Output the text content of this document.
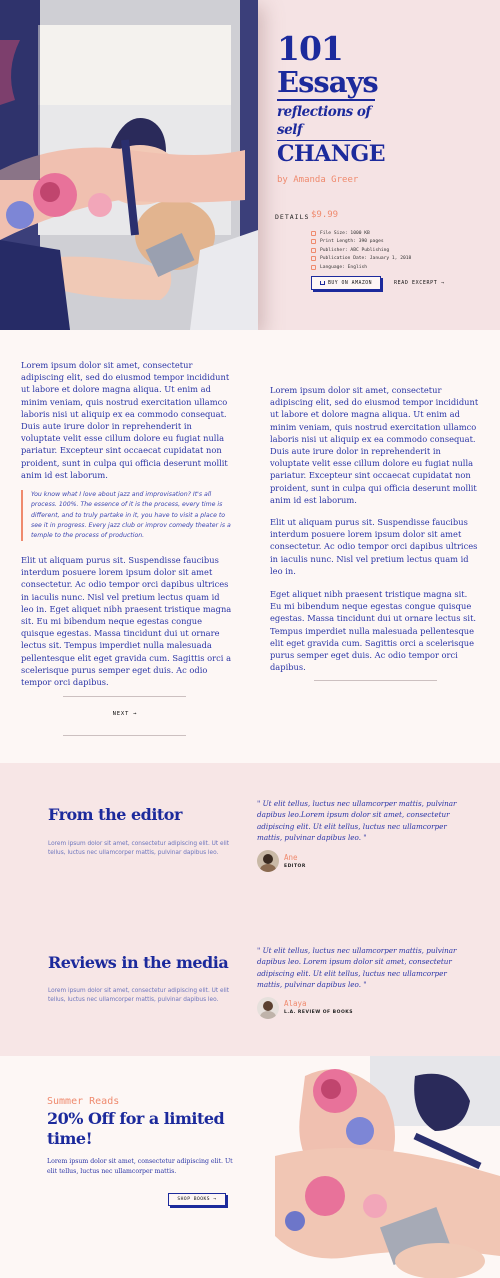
101
Essays
reflections of self
CHANGE
by Amanda Greer
DETAILS $9.99
File Size: 1000 KB
Print Length: 390 pages
Publisher: ABC Publishing
Publication Date: January 1, 2018
Language: English
BUY ON AMAZON	READ EXCERPT →

Lorem ipsum dolor sit amet, consectetur adipiscing elit, sed do eiusmod tempor incididunt ut labore et dolore magna aliqua. Ut enim ad minim veniam, quis nostrud exercitation ullamco laboris nisi ut aliquip ex ea commodo consequat. Duis aute irure dolor in reprehenderit in voluptate velit esse cillum dolore eu fugiat nulla pariatur. Excepteur sint occaecat cupidatat non proident, sunt in culpa qui officia deserunt mollit anim id est laborum.

You know what I love about jazz and improvisation? It's all process. 100%. The essence of it is the process, every time is different, and to truly partake in it, you have to visit a place to see it in progress. Every jazz club or improv comedy theater is a temple to the process of production.

Elit ut aliquam purus sit. Suspendisse faucibus interdum posuere lorem ipsum dolor sit amet consectetur. Ac odio tempor orci dapibus ultrices in iaculis nunc. Nisl vel pretium lectus quam id leo in. Eget aliquet nibh praesent tristique magna sit. Eu mi bibendum neque egestas congue quisque egestas. Massa tincidunt dui ut ornare lectus sit. Tempus imperdiet nulla malesuada pellentesque elit eget gravida cum. Sagittis orci a scelerisque purus semper eget duis. Ac odio tempor orci dapibus.

NEXT →

Lorem ipsum dolor sit amet, consectetur adipiscing elit, sed do eiusmod tempor incididunt ut labore et dolore magna aliqua. Ut enim ad minim veniam, quis nostrud exercitation ullamco laboris nisi ut aliquip ex ea commodo consequat. Duis aute irure dolor in reprehenderit in voluptate velit esse cillum dolore eu fugiat nulla pariatur. Excepteur sint occaecat cupidatat non proident, sunt in culpa qui officia deserunt mollit anim id est laborum.

Elit ut aliquam purus sit. Suspendisse faucibus interdum posuere lorem ipsum dolor sit amet consectetur. Ac odio tempor orci dapibus ultrices in iaculis nunc. Nisl vel pretium lectus quam id leo in.

Eget aliquet nibh praesent tristique magna sit. Eu mi bibendum neque egestas congue quisque egestas. Massa tincidunt dui ut ornare lectus sit. Tempus imperdiet nulla malesuada pellentesque elit eget gravida cum. Sagittis orci a scelerisque purus semper eget duis. Ac odio tempor orci dapibus.

From the editor

Lorem ipsum dolor sit amet, consectetur adipiscing elit. Ut elit tellus, luctus nec ullamcorper mattis, pulvinar dapibus leo.

" Ut elit tellus, luctus nec ullamcorper mattis, pulvinar dapibus leo.Lorem ipsum dolor sit amet, consectetur adipiscing elit. Ut elit tellus, luctus nec ullamcorper mattis, pulvinar dapibus leo. "

Ane
EDITOR
Reviews in the media

Lorem ipsum dolor sit amet, consectetur adipiscing elit. Ut elit tellus, luctus nec ullamcorper mattis, pulvinar dapibus leo.

" Ut elit tellus, luctus nec ullamcorper mattis, pulvinar dapibus leo. Lorem ipsum dolor sit amet, consectetur adipiscing elit. Ut elit tellus, luctus nec ullamcorper mattis, pulvinar dapibus leo. "

Alaya
L.A. REVIEW OF BOOKS
Summer Reads
20% Off for a limited time!

Lorem ipsum dolor sit amet, consectetur adipiscing elit. Ut elit tellus, luctus nec ullamcorper mattis.

SHOP BOOKS →
